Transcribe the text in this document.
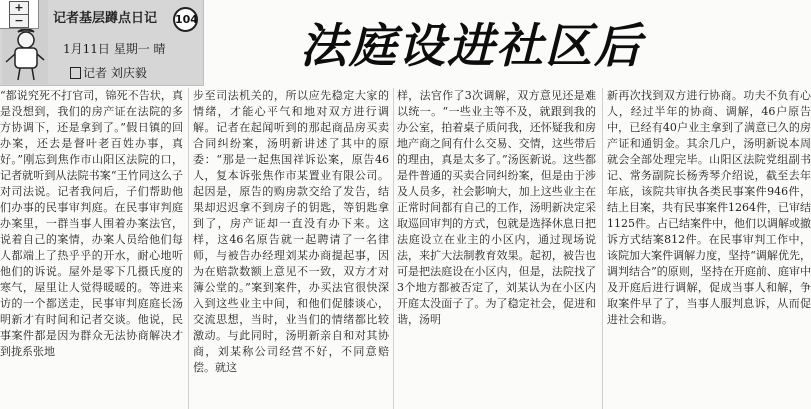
+
−	记者基层蹲点日记 104
1月11日 星期一 晴
记者 刘庆毅	法庭设进社区后
“都说究死不打官司，锦死不告状，真是没想到，我们的房产证在法院的多方协调下，还是拿到了。”假日镇的回办案，还去是督叶老百姓办事，真好。”刚忘到焦作市山阳区法院的口，记者就听到从法院书案“王竹同这么子对司法说。记者我问后，子们帮助他们办事的民事审判庭。在民事审判庭办案里，一群当事人围着办案法官，说着自己的案情，办案人员给他们每人都端上了热乎乎的开水，耐心地听他们的诉说。屋外是零下几摄氏度的寒气，屋里让人觉得暖暖的。等进来访的一个都送走，民事审判庭庭长汤明新才有时间和记者交谈。他说，民事案件都是因为群众无法协商解决才到拢系张地
步至司法机关的，所以应先稳定大家的情绪，才能心平气和地对双方进行调解。记者在起闻听到的那起商品房买卖合同纠纷案，汤明新讲述了其中的原委：“那是一起焦国祥诉讼案，原告46人，复本诉张焦作市某置业有限公司。起因是，原告的购房款交给了发告，结果却迟迟拿不到房子的钥匙，等钥匙拿到了，房产证却一直没有办下来。这样，这46名原告就一起聘请了一名律师，与被告办经理刘某办商提起事，因为在赔款数额上意见不一致，双方才对簿公堂的。”案到案件，办买法官很快深入到这些业主中间，和他们促膝谈心，交流思想，当时，业当们的情绪都比较激动。与此同时，汤明新亲自和对其协商，刘某称公司经营不好，不同意赔偿。就这
样，法官作了3次调解，双方意见还是难以统一。“一些业主等不及，就跟到我的办公室，拍着桌子质问我，还怀疑我和房地产商之间有什么交易、交情，这些带后的理由，真是太多了。”汤医新说。这些都是件普通的买卖合同纠纷案，但是由于涉及人员多，社会影响大，加上这些业主在正常时间都有自己的工作，汤明新决定采取巡回审判的方式，包就是选择休息日把法庭设立在业主的小区内，通过现场说法，来扩大法制教育效果。起初，被告也可是把法庭设在小区内，但是，法院找了3个地方都被否定了，刘某认为在小区内开庭太没面子了。为了稳定社会，促进和谐，汤明
新再次找到双方进行协商。功夫不负有心人，经过半年的协商、调解，46户原告中，已经有40户业主拿到了满意已久的房产证和通钥金。其余几户，汤明新说本周就会全部处理完毕。山阳区法院党组副书记、常务副院长杨秀琴介绍说，截至去年年底，该院共审执各类民事案件946件，结上目案，共有民事案件1264件，已审结1125件。占已结案件中，他们以调解或撤诉方式结案812件。在民事审判工作中，该院加大案件调解力度，坚持“调解优先，调判结合”的原则，坚持在开庭前、庭审中及开庭后进行调解，促成当事人和解，争取案件早了了，当事人服判息诉，从而促进社会和谐。
